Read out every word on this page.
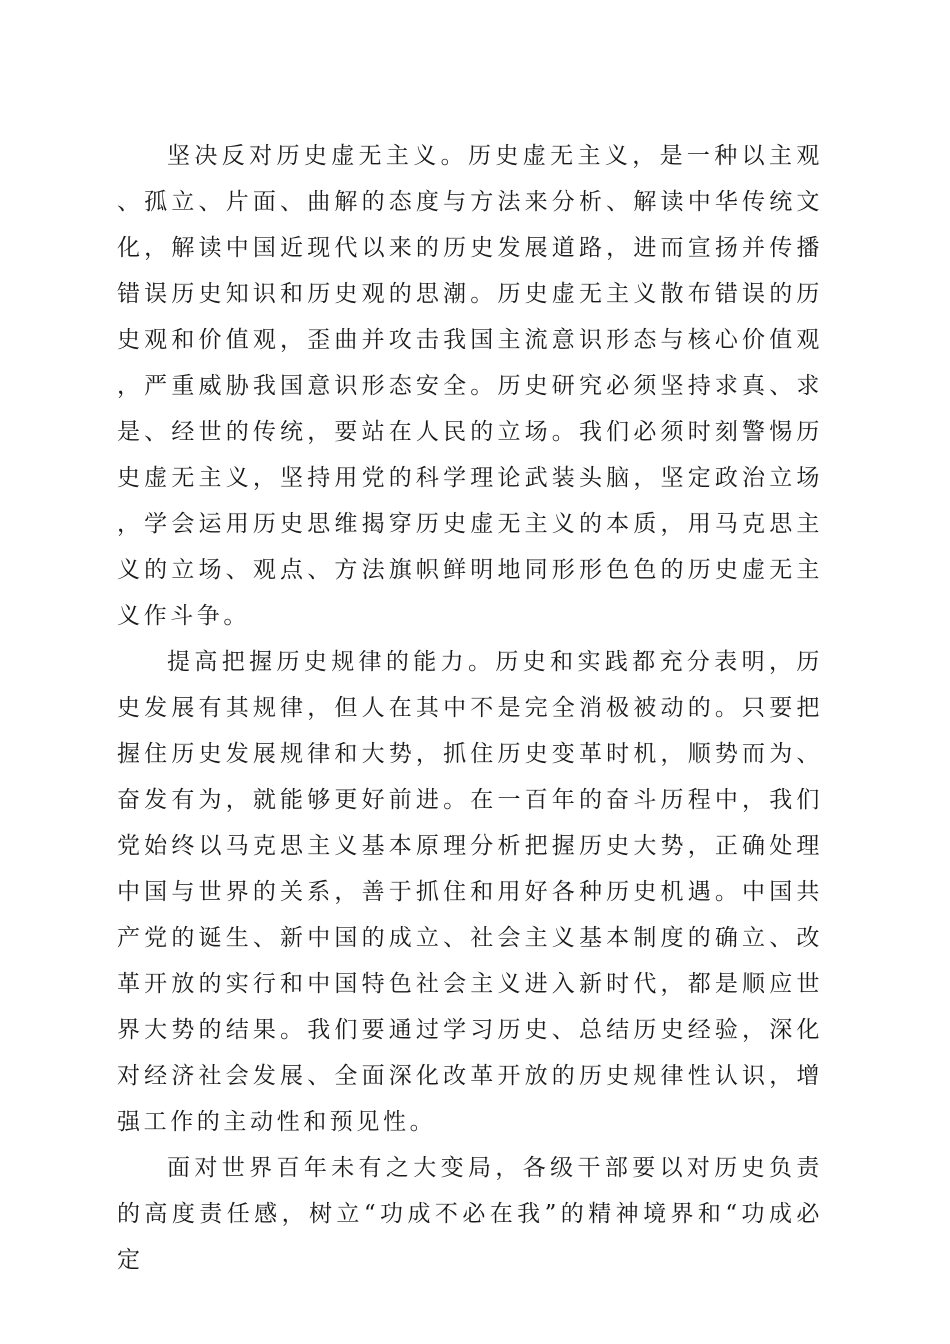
坚决反对历史虚无主义。历史虚无主义，是一种以主观、孤立、片面、曲解的态度与方法来分析、解读中华传统文化，解读中国近现代以来的历史发展道路，进而宣扬并传播错误历史知识和历史观的思潮。历史虚无主义散布错误的历史观和价值观，歪曲并攻击我国主流意识形态与核心价值观，严重威胁我国意识形态安全。历史研究必须坚持求真、求是、经世的传统，要站在人民的立场。我们必须时刻警惕历史虚无主义，坚持用党的科学理论武装头脑，坚定政治立场，学会运用历史思维揭穿历史虚无主义的本质，用马克思主义的立场、观点、方法旗帜鲜明地同形形色色的历史虚无主义作斗争。

提高把握历史规律的能力。历史和实践都充分表明，历史发展有其规律，但人在其中不是完全消极被动的。只要把握住历史发展规律和大势，抓住历史变革时机，顺势而为、奋发有为，就能够更好前进。在一百年的奋斗历程中，我们党始终以马克思主义基本原理分析把握历史大势，正确处理中国与世界的关系，善于抓住和用好各种历史机遇。中国共产党的诞生、新中国的成立、社会主义基本制度的确立、改革开放的实行和中国特色社会主义进入新时代，都是顺应世界大势的结果。我们要通过学习历史、总结历史经验，深化对经济社会发展、全面深化改革开放的历史规律性认识，增强工作的主动性和预见性。

面对世界百年未有之大变局，各级干部要以对历史负责的高度责任感，树立“功成不必在我”的精神境界和“功成必定
